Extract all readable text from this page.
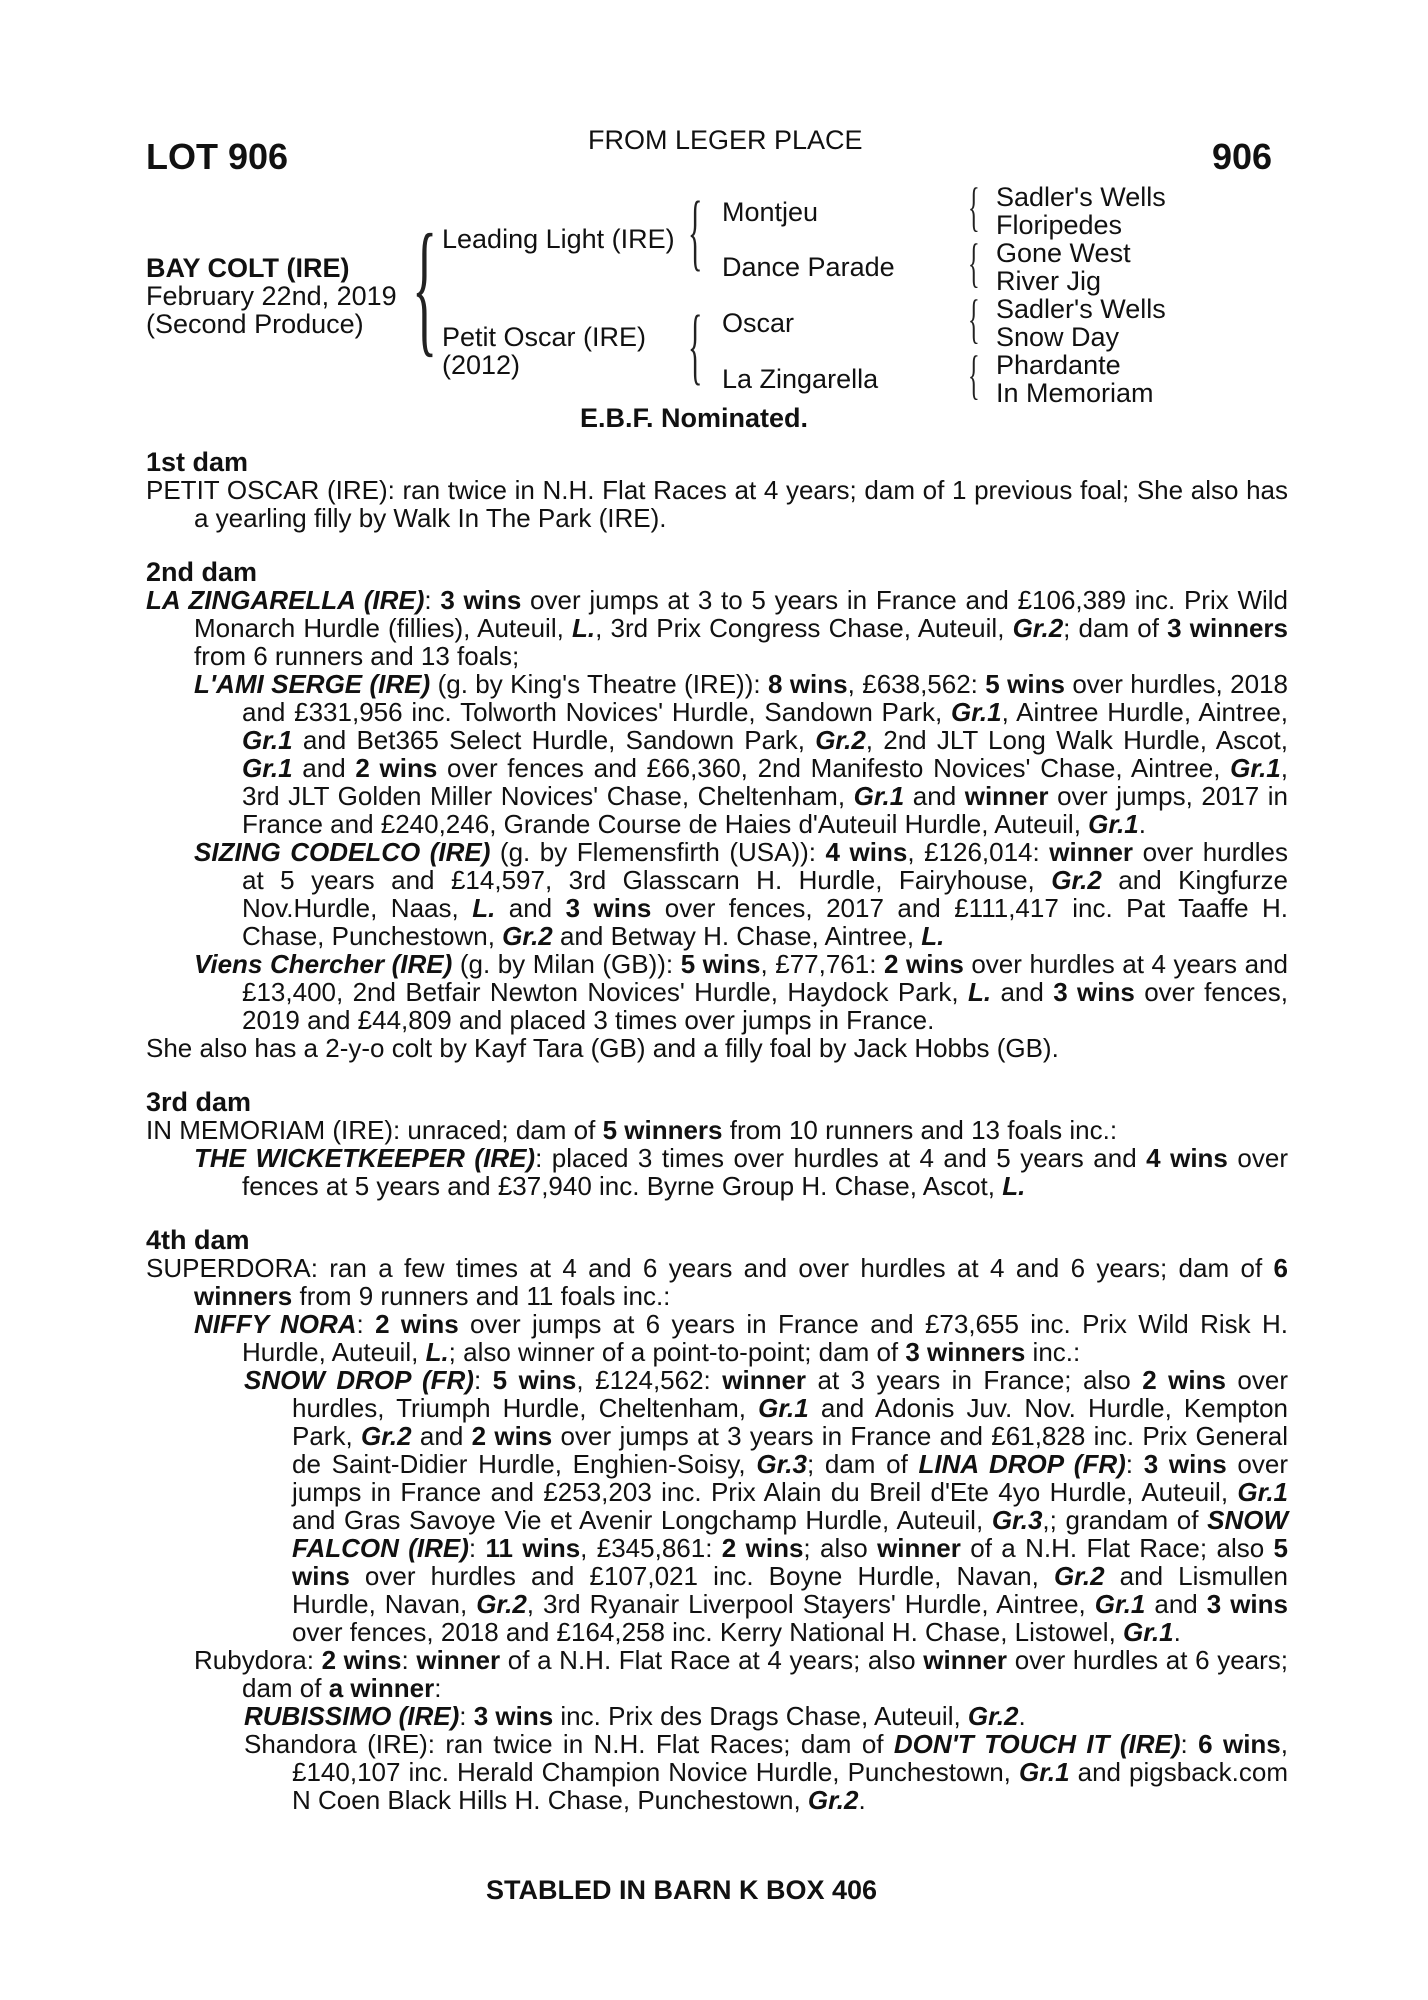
LOT 906	FROM LEGER PLACE	906
BAY COLT (IRE)
February 22nd, 2019
(Second Produce) { Leading Light (IRE)
Petit Oscar (IRE)
(2012)
{
{
Montjeu
Dance Parade
Oscar
La Zingarella
{
{
{
{
Sadler's Wells
Floripedes
Gone West
River Jig
Sadler's Wells
Snow Day
Phardante
In Memoriam
E.B.F. Nominated.
1st dam

PETIT OSCAR (IRE): ran twice in N.H. Flat Races at 4 years; dam of 1 previous foal; She also has a yearling filly by Walk In The Park (IRE).

2nd dam

LA ZINGARELLA (IRE): 3 wins over jumps at 3 to 5 years in France and £106,389 inc. Prix Wild Monarch Hurdle (fillies), Auteuil, L., 3rd Prix Congress Chase, Auteuil, Gr.2; dam of 3 winners from 6 runners and 13 foals;

L'AMI SERGE (IRE) (g. by King's Theatre (IRE)): 8 wins, £638,562: 5 wins over hurdles, 2018 and £331,956 inc. Tolworth Novices' Hurdle, Sandown Park, Gr.1, Aintree Hurdle, Aintree, Gr.1 and Bet365 Select Hurdle, Sandown Park, Gr.2, 2nd JLT Long Walk Hurdle, Ascot, Gr.1 and 2 wins over fences and £66,360, 2nd Manifesto Novices' Chase, Aintree, Gr.1, 3rd JLT Golden Miller Novices' Chase, Cheltenham, Gr.1 and winner over jumps, 2017 in France and £240,246, Grande Course de Haies d'Auteuil Hurdle, Auteuil, Gr.1.

SIZING CODELCO (IRE) (g. by Flemensfirth (USA)): 4 wins, £126,014: winner over hurdles at 5 years and £14,597, 3rd Glasscarn H. Hurdle, Fairyhouse, Gr.2 and Kingfurze Nov.Hurdle, Naas, L. and 3 wins over fences, 2017 and £111,417 inc. Pat Taaffe H. Chase, Punchestown, Gr.2 and Betway H. Chase, Aintree, L.

Viens Chercher (IRE) (g. by Milan (GB)): 5 wins, £77,761: 2 wins over hurdles at 4 years and £13,400, 2nd Betfair Newton Novices' Hurdle, Haydock Park, L. and 3 wins over fences, 2019 and £44,809 and placed 3 times over jumps in France.

She also has a 2-y-o colt by Kayf Tara (GB) and a filly foal by Jack Hobbs (GB).

3rd dam

IN MEMORIAM (IRE): unraced; dam of 5 winners from 10 runners and 13 foals inc.:

THE WICKETKEEPER (IRE): placed 3 times over hurdles at 4 and 5 years and 4 wins over fences at 5 years and £37,940 inc. Byrne Group H. Chase, Ascot, L.

4th dam

SUPERDORA: ran a few times at 4 and 6 years and over hurdles at 4 and 6 years; dam of 6 winners from 9 runners and 11 foals inc.:

NIFFY NORA: 2 wins over jumps at 6 years in France and £73,655 inc. Prix Wild Risk H. Hurdle, Auteuil, L.; also winner of a point-to-point; dam of 3 winners inc.:

SNOW DROP (FR): 5 wins, £124,562: winner at 3 years in France; also 2 wins over hurdles, Triumph Hurdle, Cheltenham, Gr.1 and Adonis Juv. Nov. Hurdle, Kempton Park, Gr.2 and 2 wins over jumps at 3 years in France and £61,828 inc. Prix General de Saint-Didier Hurdle, Enghien-Soisy, Gr.3; dam of LINA DROP (FR): 3 wins over jumps in France and £253,203 inc. Prix Alain du Breil d'Ete 4yo Hurdle, Auteuil, Gr.1 and Gras Savoye Vie et Avenir Longchamp Hurdle, Auteuil, Gr.3,; grandam of SNOW FALCON (IRE): 11 wins, £345,861: 2 wins; also winner of a N.H. Flat Race; also 5 wins over hurdles and £107,021 inc. Boyne Hurdle, Navan, Gr.2 and Lismullen Hurdle, Navan, Gr.2, 3rd Ryanair Liverpool Stayers' Hurdle, Aintree, Gr.1 and 3 wins over fences, 2018 and £164,258 inc. Kerry National H. Chase, Listowel, Gr.1.

Rubydora: 2 wins: winner of a N.H. Flat Race at 4 years; also winner over hurdles at 6 years; dam of a winner:

RUBISSIMO (IRE): 3 wins inc. Prix des Drags Chase, Auteuil, Gr.2.

Shandora (IRE): ran twice in N.H. Flat Races; dam of DON'T TOUCH IT (IRE): 6 wins, £140,107 inc. Herald Champion Novice Hurdle, Punchestown, Gr.1 and pigsback.com N Coen Black Hills H. Chase, Punchestown, Gr.2.

STABLED IN BARN K BOX 406
